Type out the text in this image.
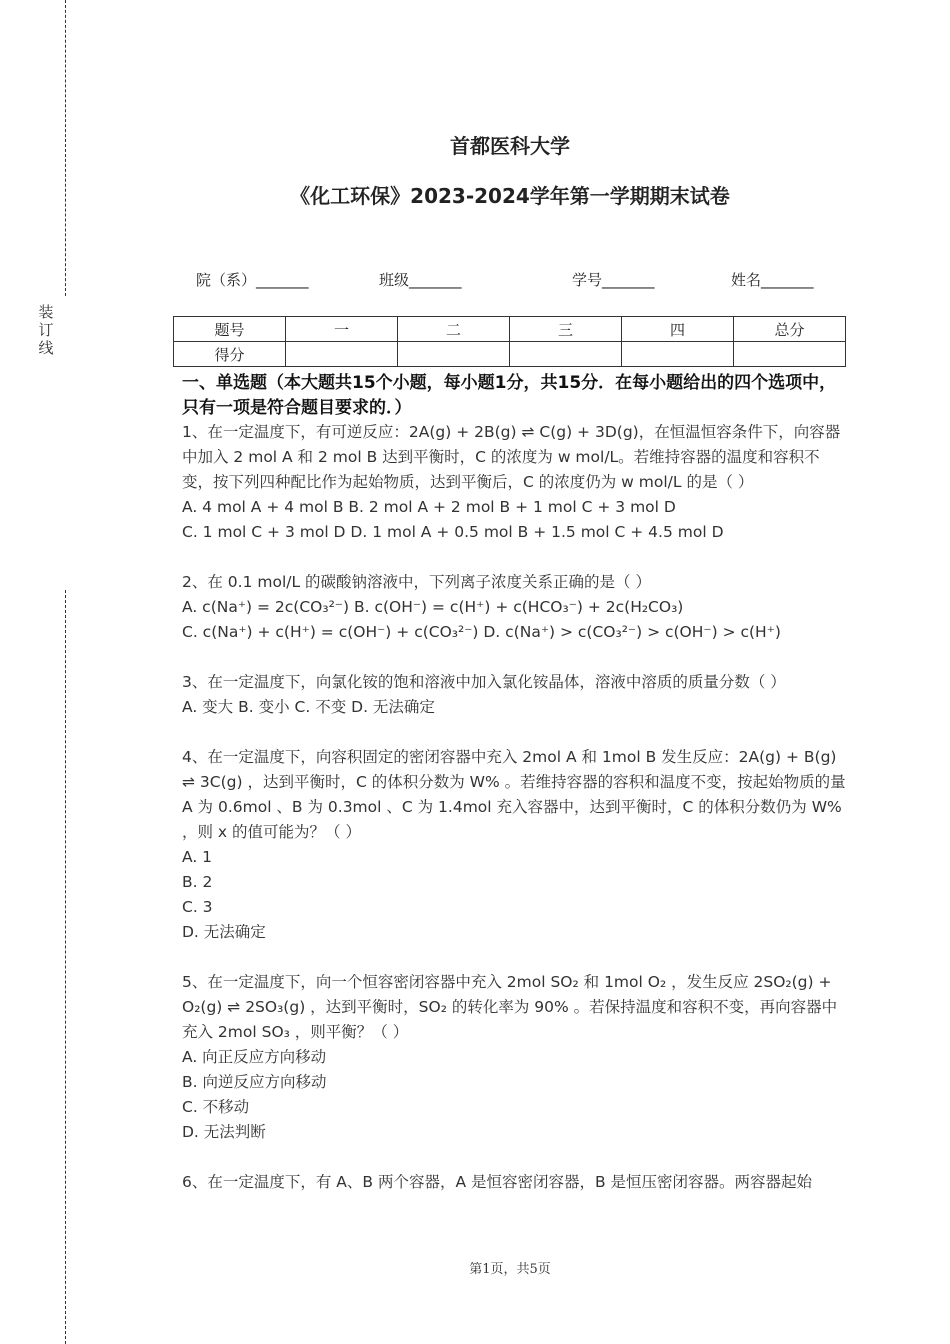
装
订
线
首都医科大学
《化工环保》2023-2024学年第一学期期末试卷
院（系）_______	班级_______	学号_______	姓名_______
题号	一	二	三	四	总分
得分					
一、单选题（本大题共15个小题，每小题1分，共15分．在每小题给出的四个选项中，只有一项是符合题目要求的．）

1、在一定温度下，有可逆反应：2A(g) + 2B(g) ⇌ C(g) + 3D(g)，在恒温恒容条件下，向容器中加入 2 mol A 和 2 mol B 达到平衡时，C 的浓度为 w mol/L。若维持容器的温度和容积不变，按下列四种配比作为起始物质，达到平衡后，C 的浓度仍为 w mol/L 的是（ ）

A. 4 mol A + 4 mol B B. 2 mol A + 2 mol B + 1 mol C + 3 mol D

C. 1 mol C + 3 mol D D. 1 mol A + 0.5 mol B + 1.5 mol C + 4.5 mol D

2、在 0.1 mol/L 的碳酸钠溶液中，下列离子浓度关系正确的是（ ）

A. c(Na⁺) = 2c(CO₃²⁻) B. c(OH⁻) = c(H⁺) + c(HCO₃⁻) + 2c(H₂CO₃)

C. c(Na⁺) + c(H⁺) = c(OH⁻) + c(CO₃²⁻) D. c(Na⁺) > c(CO₃²⁻) > c(OH⁻) > c(H⁺)

3、在一定温度下，向氯化铵的饱和溶液中加入氯化铵晶体，溶液中溶质的质量分数（ ）

A. 变大 B. 变小 C. 不变 D. 无法确定

4、在一定温度下，向容积固定的密闭容器中充入 2mol A 和 1mol B 发生反应：2A(g) + B(g) ⇌ 3C(g) ，达到平衡时，C 的体积分数为 W% 。若维持容器的容积和温度不变，按起始物质的量 A 为 0.6mol 、B 为 0.3mol 、C 为 1.4mol 充入容器中，达到平衡时，C 的体积分数仍为 W% ，则 x 的值可能为？（ ）

A. 1

B. 2

C. 3

D. 无法确定

5、在一定温度下，向一个恒容密闭容器中充入 2mol SO₂ 和 1mol O₂ ，发生反应 2SO₂(g) + O₂(g) ⇌ 2SO₃(g) ，达到平衡时，SO₂ 的转化率为 90% 。若保持温度和容积不变，再向容器中充入 2mol SO₃ ，则平衡？（ ）

A. 向正反应方向移动

B. 向逆反应方向移动

C. 不移动

D. 无法判断

6、在一定温度下，有 A、B 两个容器，A 是恒容密闭容器，B 是恒压密闭容器。两容器起始

第1页，共5页
